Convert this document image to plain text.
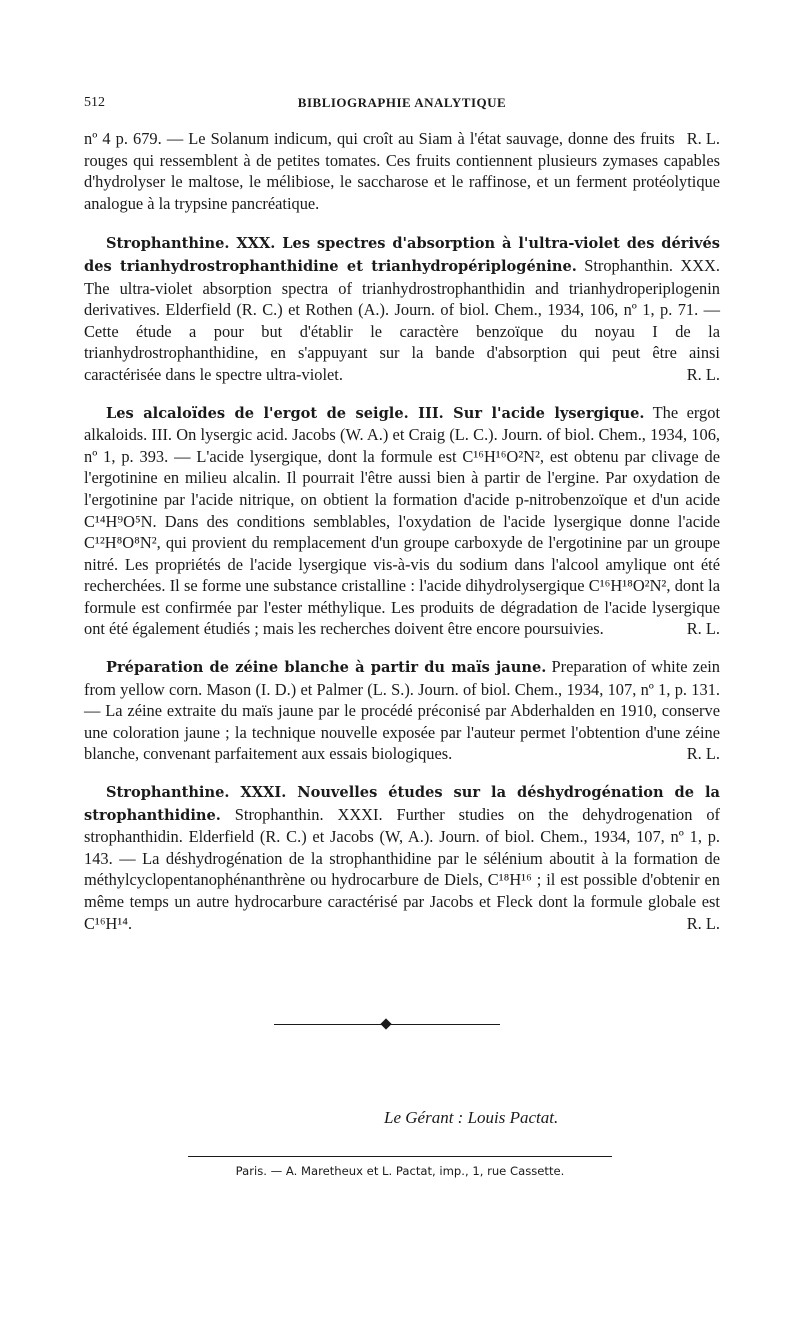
512	BIBLIOGRAPHIE ANALYTIQUE

R. L.
nº 4 p. 679. — Le Solanum indicum, qui croît au Siam à l'état sauvage, donne des fruits rouges qui ressemblent à de petites tomates. Ces fruits contiennent plusieurs zymases capables d'hydrolyser le maltose, le mélibiose, le saccharose et le raffinose, et un ferment protéolytique analogue à la trypsine pancréatique.

Strophanthine. XXX. Les spectres d'absorption à l'ultra-violet des dérivés des trianhydrostrophanthidine et trianhydropériplogénine. Strophanthin. XXX. The ultra-violet absorption spectra of trianhydrostrophanthidin and trianhydroperiplogenin derivatives. Elderfield (R. C.) et Rothen (A.). Journ. of biol. Chem., 1934, 106, nº 1, p. 71. — Cette étude a pour but d'établir le caractère benzoïque du noyau I de la trianhydrostrophanthidine, en s'appuyant sur la bande d'absorption qui peut être ainsi caractérisée dans le spectre ultra-violet.	R. L.

Les alcaloïdes de l'ergot de seigle. III. Sur l'acide lysergique. The ergot alkaloids. III. On lysergic acid. Jacobs (W. A.) et Craig (L. C.). Journ. of biol. Chem., 1934, 106, nº 1, p. 393. — L'acide lysergique, dont la formule est C¹⁶H¹⁶O²N², est obtenu par clivage de l'ergotinine en milieu alcalin. Il pourrait l'être aussi bien à partir de l'ergine. Par oxydation de l'ergotinine par l'acide nitrique, on obtient la formation d'acide p-nitrobenzoïque et d'un acide C¹⁴H⁹O⁵N. Dans des conditions semblables, l'oxydation de l'acide lysergique donne l'acide C¹²H⁸O⁸N², qui provient du remplacement d'un groupe carboxyde de l'ergotinine par un groupe nitré. Les propriétés de l'acide lysergique vis-à-vis du sodium dans l'alcool amylique ont été recherchées. Il se forme une substance cristalline : l'acide dihydrolysergique C¹⁶H¹⁸O²N², dont la formule est confirmée par l'ester méthylique. Les produits de dégradation de l'acide lysergique ont été également étudiés ; mais les recherches doivent être encore poursuivies.	R. L.

Préparation de zéine blanche à partir du maïs jaune. Preparation of white zein from yellow corn. Mason (I. D.) et Palmer (L. S.). Journ. of biol. Chem., 1934, 107, nº 1, p. 131. — La zéine extraite du maïs jaune par le procédé préconisé par Abderhalden en 1910, conserve une coloration jaune ; la technique nouvelle exposée par l'auteur permet l'obtention d'une zéine blanche, convenant parfaitement aux essais biologiques.	R. L.

Strophanthine. XXXI. Nouvelles études sur la déshydrogénation de la strophanthidine. Strophanthin. XXXI. Further studies on the dehydrogenation of strophanthidin. Elderfield (R. C.) et Jacobs (W, A.). Journ. of biol. Chem., 1934, 107, nº 1, p. 143. — La déshydrogénation de la strophanthidine par le sélénium aboutit à la formation de méthylcyclopentanophénanthrène ou hydrocarbure de Diels, C¹⁸H¹⁶ ; il est possible d'obtenir en même temps un autre hydrocarbure caractérisé par Jacobs et Fleck dont la formule globale est C¹⁶H¹⁴.	R. L.

Le Gérant : Louis Pactat.
Paris. — A. Maretheux et L. Pactat, imp., 1, rue Cassette.
